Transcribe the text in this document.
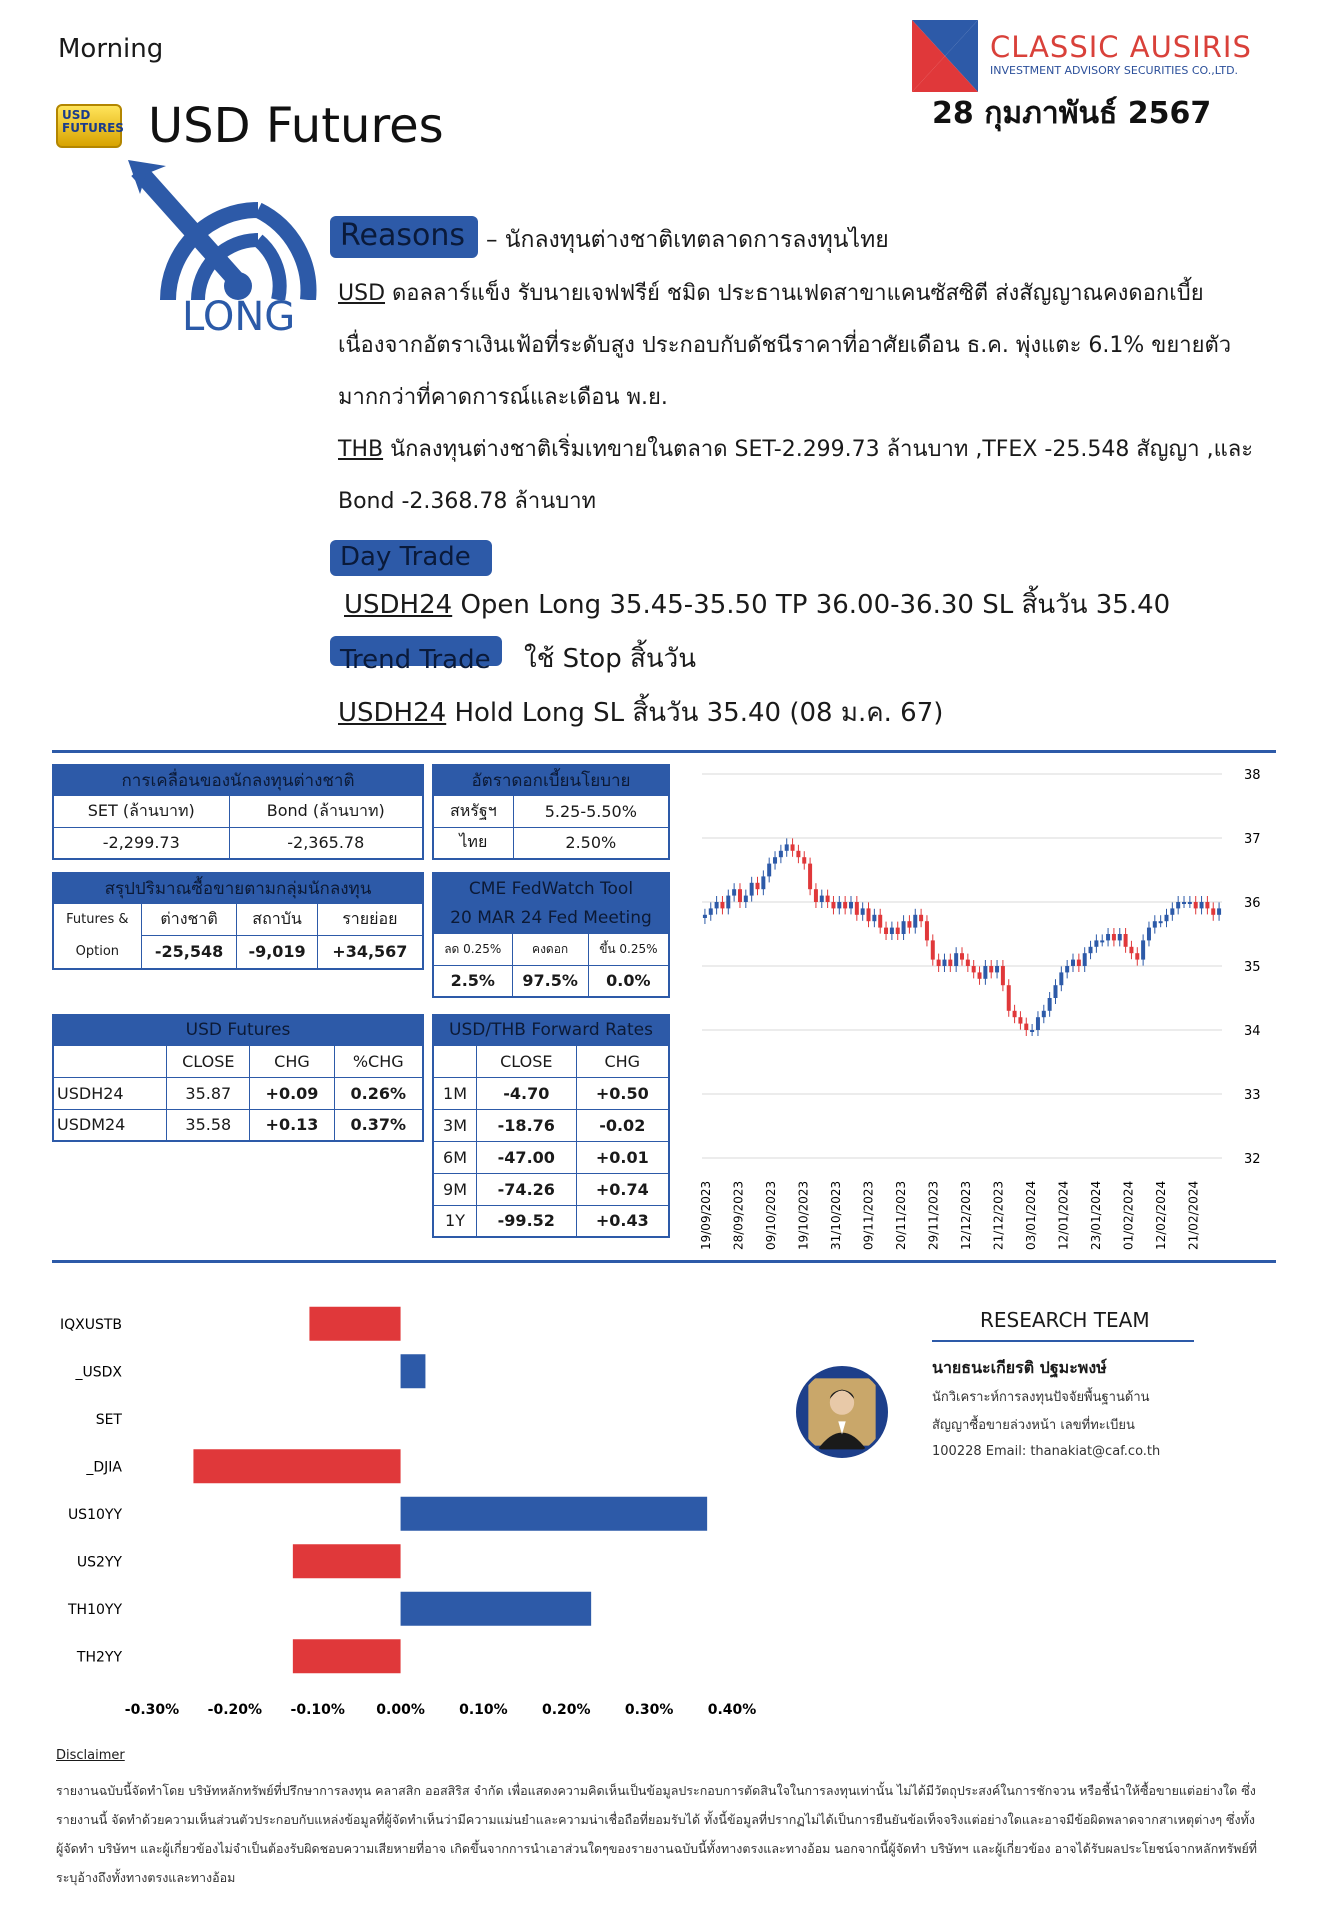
Morning
USD FUTURES USD Futures
CLASSIC AUSIRIS
INVESTMENT ADVISORY SECURITIES CO.,LTD.
28 กุมภาพันธ์ 2567
LONG
Reasons – นักลงทุนต่างชาติเทตลาดการลงทุนไทย
USD ดอลลาร์แข็ง รับนายเจฟฟรีย์ ชมิด ประธานเฟดสาขาแคนซัสซิตี ส่งสัญญาณคงดอกเบี้ย
เนื่องจากอัตราเงินเฟ้อที่ระดับสูง ประกอบกับดัชนีราคาที่อาศัยเดือน ธ.ค. พุ่งแตะ 6.1% ขยายตัว
มากกว่าที่คาดการณ์และเดือน พ.ย.
THB นักลงทุนต่างชาติเริ่มเทขายในตลาด SET-2.299.73 ล้านบาท ,TFEX -25.548 สัญญา ,และ
Bond -2.368.78 ล้านบาท
Day Trade
USDH24 Open Long 35.45-35.50 TP 36.00-36.30 SL สิ้นวัน 35.40
Trend Trade	ใช้ Stop สิ้นวัน
USDH24 Hold Long SL สิ้นวัน 35.40 (08 ม.ค. 67)
การเคลื่อนของนักลงทุนต่างชาติ	
SET (ล้านบาท)	Bond (ล้านบาท)
-2,299.73	-2,365.78
อัตราดอกเบี้ยนโยบาย	
สหรัฐฯ	5.25-5.50%
ไทย	2.50%
สรุปปริมาณซื้อขายตามกลุ่มนักลงทุน			

Futures &
Option	ต่างชาติ	สถาบัน	รายย่อย
	-25,548	-9,019	+34,567
CME FedWatch Tool		
20 MAR 24 Fed Meeting		
ลด 0.25%	คงดอก	ขึ้น 0.25%
2.5%	97.5%	0.0%
USD Futures			
	CLOSE	CHG	%CHG
USDH24	35.87	+0.09	0.26%
USDM24	35.58	+0.13	0.37%
USD/THB Forward Rates		
	CLOSE	CHG
1M	-4.70	+0.50
3M	-18.76	-0.02
6M	-47.00	+0.01
9M	-74.26	+0.74
1Y	-99.52	+0.43
32
33
34
35
36
37
38
19/09/2023 28/09/2023 09/10/2023 19/10/2023 31/10/2023 09/11/2023 20/11/2023 29/11/2023 12/12/2023 21/12/2023 03/01/2024 12/01/2024 23/01/2024 01/02/2024 12/02/2024 21/02/2024
IQXUSTB
_USDX
SET
_DJIA
US10YY
US2YY
TH10YY
TH2YY
-0.30% -0.20% -0.10% 0.00% 0.10% 0.20% 0.30% 0.40%
RESEARCH TEAM
นายธนะเกียรติ ปฐมะพงษ์
นักวิเคราะห์การลงทุนปัจจัยพื้นฐานด้าน
สัญญาซื้อขายล่วงหน้า เลขที่ทะเบียน
100228 Email: thanakiat@caf.co.th
Disclaimer
รายงานฉบับนี้จัดทำโดย บริษัทหลักทรัพย์ที่ปรึกษาการลงทุน คลาสสิก ออสสิริส จำกัด เพื่อแสดงความคิดเห็นเป็นข้อมูลประกอบการตัดสินใจในการลงทุนเท่านั้น ไม่ได้มีวัตถุประสงค์ในการชักจวน หรือชี้นำให้ซื้อขายแต่อย่างใด ซึ่งรายงานนี้ จัดทำด้วยความเห็นส่วนตัวประกอบกับแหล่งข้อมูลที่ผู้จัดทำเห็นว่ามีความแม่นยำและความน่าเชื่อถือที่ยอมรับได้ ทั้งนี้ข้อมูลที่ปรากฏไม่ได้เป็นการยืนยันข้อเท็จจริงแต่อย่างใดและอาจมีข้อผิดพลาดจากสาเหตุต่างๆ ซึ่งทั้งผู้จัดทำ บริษัทฯ และผู้เกี่ยวข้องไม่จำเป็นต้องรับผิดชอบความเสียหายที่อาจ เกิดขึ้นจากการนำเอาส่วนใดๆของรายงานฉบับนี้ทั้งทางตรงและทางอ้อม นอกจากนี้ผู้จัดทำ บริษัทฯ และผู้เกี่ยวข้อง อาจได้รับผลประโยชน์จากหลักทรัพย์ที่ระบุอ้างถึงทั้งทางตรงและทางอ้อม
